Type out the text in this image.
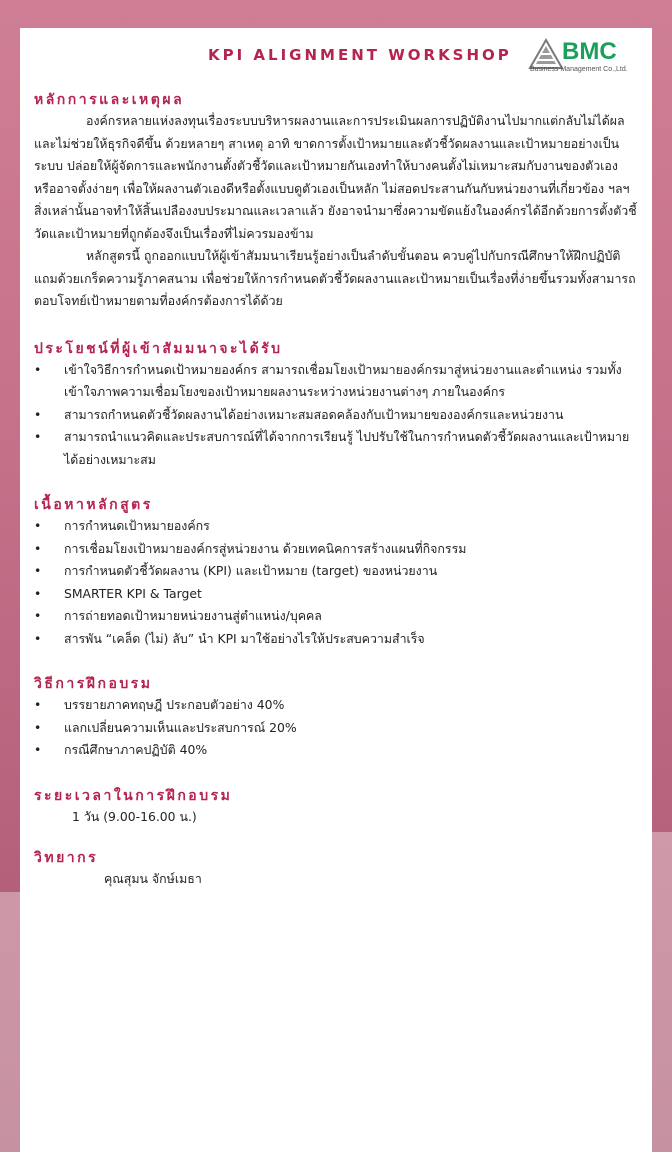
KPI ALIGNMENT WORKSHOP BMC
Business Management Co.,Ltd.
หลักการและเหตุผล

องค์กรหลายแห่งลงทุนเรื่องระบบบริหารผลงานและการประเมินผลการปฏิบัติงานไปมากแต่กลับไม่ได้ผล และไม่ช่วยให้ธุรกิจดีขึ้น ด้วยหลายๆ สาเหตุ อาทิ ขาดการตั้งเป้าหมายและตัวชี้วัดผลงานและเป้าหมายอย่างเป็นระบบ ปล่อยให้ผู้จัดการและพนักงานตั้งตัวชี้วัดและเป้าหมายกันเองทำให้บางคนตั้งไม่เหมาะสมกับงานของตัวเอง หรืออาจตั้งง่ายๆ เพื่อให้ผลงานตัวเองดีหรือตั้งแบบดูตัวเองเป็นหลัก ไม่สอดประสานกันกับหน่วยงานที่เกี่ยวข้อง ฯลฯ สิ่งเหล่านั้นอาจทำให้สิ้นเปลืองงบประมาณและเวลาแล้ว ยังอาจนำมาซึ่งความขัดแย้งในองค์กรได้อีกด้วยการตั้งตัวชี้วัดและเป้าหมายที่ถูกต้องจึงเป็นเรื่องที่ไม่ควรมองข้าม

หลักสูตรนี้ ถูกออกแบบให้ผู้เข้าสัมมนาเรียนรู้อย่างเป็นลำดับขั้นตอน ควบคู่ไปกับกรณีศึกษาให้ฝึกปฏิบัติแถมด้วยเกร็ดความรู้ภาคสนาม เพื่อช่วยให้การกำหนดตัวชี้วัดผลงานและเป้าหมายเป็นเรื่องที่ง่ายขึ้นรวมทั้งสามารถตอบโจทย์เป้าหมายตามที่องค์กรต้องการได้ด้วย

ประโยชน์ที่ผู้เข้าสัมมนาจะได้รับ
• เข้าใจวิธีการกำหนดเป้าหมายองค์กร สามารถเชื่อมโยงเป้าหมายองค์กรมาสู่หน่วยงานและตำแหน่ง รวมทั้งเข้าใจภาพความเชื่อมโยงของเป้าหมายผลงานระหว่างหน่วยงานต่างๆ ภายในองค์กร
• สามารถกำหนดตัวชี้วัดผลงานได้อย่างเหมาะสมสอดคล้องกับเป้าหมายขององค์กรและหน่วยงาน
• สามารถนำแนวคิดและประสบการณ์ที่ได้จากการเรียนรู้ ไปปรับใช้ในการกำหนดตัวชี้วัดผลงานและเป้าหมายได้อย่างเหมาะสม
เนื้อหาหลักสูตร
• การกำหนดเป้าหมายองค์กร
• การเชื่อมโยงเป้าหมายองค์กรสู่หน่วยงาน ด้วยเทคนิคการสร้างแผนที่กิจกรรม
• การกำหนดตัวชี้วัดผลงาน (KPI) และเป้าหมาย (target) ของหน่วยงาน
• SMARTER KPI & Target
• การถ่ายทอดเป้าหมายหน่วยงานสู่ตำแหน่ง/บุคคล
• สารพัน “เคล็ด (ไม่) ลับ” นำ KPI มาใช้อย่างไรให้ประสบความสำเร็จ
วิธีการฝึกอบรม
• บรรยายภาคทฤษฎี ประกอบตัวอย่าง 40%
• แลกเปลี่ยนความเห็นและประสบการณ์ 20%
• กรณีศึกษาภาคปฏิบัติ 40%
ระยะเวลาในการฝึกอบรม
1 วัน (9.00-16.00 น.)
วิทยากร
คุณสุมน จักษ์เมธา
